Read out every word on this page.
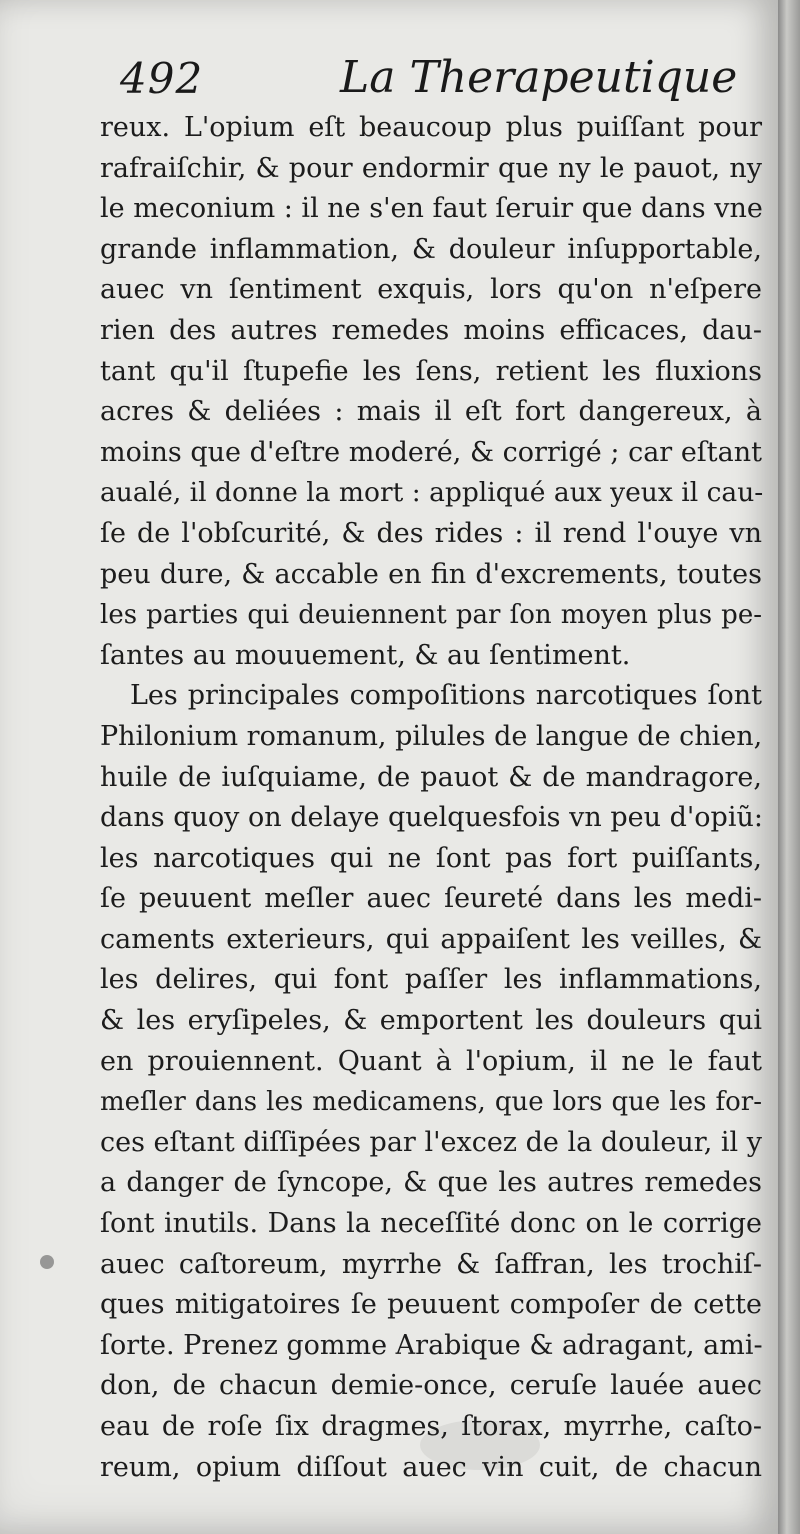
492	La Therapeutique
reux. L'opium eſt beaucoup plus puiſſant pour
rafraiſchir, & pour endormir que ny le pauot, ny
le meconium : il ne s'en faut ſeruir que dans vne
grande inflammation, & douleur inſupportable,
auec vn ſentiment exquis, lors qu'on n'eſpere
rien des autres remedes moins efficaces, dau-
tant qu'il ſtupefie les ſens, retient les fluxions
acres & deliées : mais il eſt fort dangereux, à
moins que d'eſtre moderé, & corrigé ; car eſtant
aualé, il donne la mort : appliqué aux yeux il cau-
ſe de l'obſcurité, & des rides : il rend l'ouye vn
peu dure, & accable en fin d'excrements, toutes
les parties qui deuiennent par ſon moyen plus pe-
ſantes au mouuement, & au ſentiment.
Les principales compoſitions narcotiques ſont
Philonium romanum, pilules de langue de chien,
huile de iuſquiame, de pauot & de mandragore,
dans quoy on delaye quelquesfois vn peu d'opiũ:
les narcotiques qui ne ſont pas fort puiſſants,
ſe peuuent meſler auec ſeureté dans les medi-
caments exterieurs, qui appaiſent les veilles, &
les delires, qui font paſſer les inflammations,
& les eryſipeles, & emportent les douleurs qui
en prouiennent. Quant à l'opium, il ne le faut
meſler dans les medicamens, que lors que les for-
ces eſtant diſſipées par l'excez de la douleur, il y
a danger de ſyncope, & que les autres remedes
ſont inutils. Dans la neceſſité donc on le corrige
auec caſtoreum, myrrhe & ſaffran, les trochiſ-
ques mitigatoires ſe peuuent compoſer de cette
ſorte. Prenez gomme Arabique & adragant, ami-
don, de chacun demie-once, ceruſe lauée auec
eau de roſe ſix dragmes, ſtorax, myrrhe, caſto-
reum, opium diſſout auec vin cuit, de chacun
